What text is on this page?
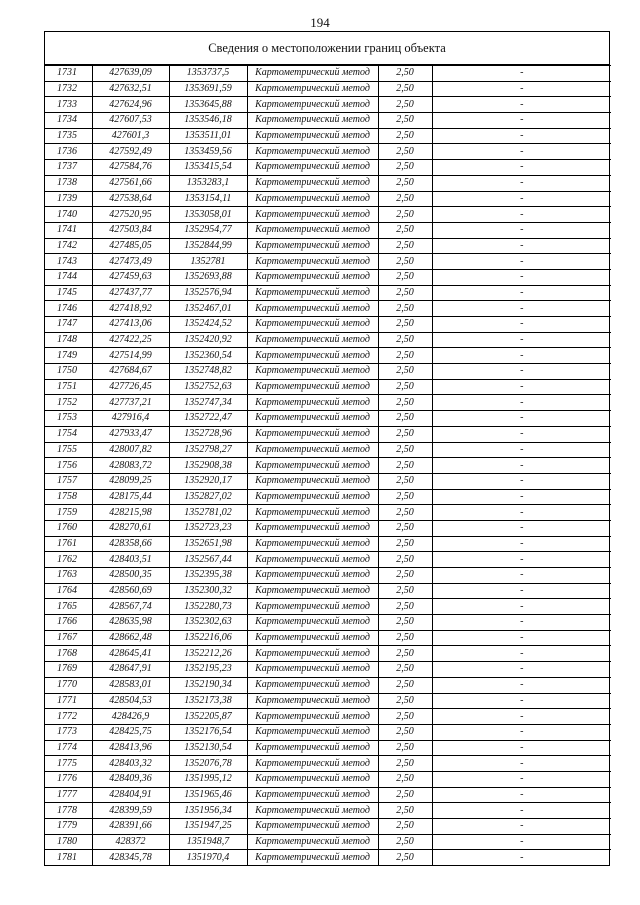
194
Сведения о местоположении границ объекта
1731	427639,09	1353737,5	Картометрический метод	2,50	-
1732	427632,51	1353691,59	Картометрический метод	2,50	-
1733	427624,96	1353645,88	Картометрический метод	2,50	-
1734	427607,53	1353546,18	Картометрический метод	2,50	-
1735	427601,3	1353511,01	Картометрический метод	2,50	-
1736	427592,49	1353459,56	Картометрический метод	2,50	-
1737	427584,76	1353415,54	Картометрический метод	2,50	-
1738	427561,66	1353283,1	Картометрический метод	2,50	-
1739	427538,64	1353154,11	Картометрический метод	2,50	-
1740	427520,95	1353058,01	Картометрический метод	2,50	-
1741	427503,84	1352954,77	Картометрический метод	2,50	-
1742	427485,05	1352844,99	Картометрический метод	2,50	-
1743	427473,49	1352781	Картометрический метод	2,50	-
1744	427459,63	1352693,88	Картометрический метод	2,50	-
1745	427437,77	1352576,94	Картометрический метод	2,50	-
1746	427418,92	1352467,01	Картометрический метод	2,50	-
1747	427413,06	1352424,52	Картометрический метод	2,50	-
1748	427422,25	1352420,92	Картометрический метод	2,50	-
1749	427514,99	1352360,54	Картометрический метод	2,50	-
1750	427684,67	1352748,82	Картометрический метод	2,50	-
1751	427726,45	1352752,63	Картометрический метод	2,50	-
1752	427737,21	1352747,34	Картометрический метод	2,50	-
1753	427916,4	1352722,47	Картометрический метод	2,50	-
1754	427933,47	1352728,96	Картометрический метод	2,50	-
1755	428007,82	1352798,27	Картометрический метод	2,50	-
1756	428083,72	1352908,38	Картометрический метод	2,50	-
1757	428099,25	1352920,17	Картометрический метод	2,50	-
1758	428175,44	1352827,02	Картометрический метод	2,50	-
1759	428215,98	1352781,02	Картометрический метод	2,50	-
1760	428270,61	1352723,23	Картометрический метод	2,50	-
1761	428358,66	1352651,98	Картометрический метод	2,50	-
1762	428403,51	1352567,44	Картометрический метод	2,50	-
1763	428500,35	1352395,38	Картометрический метод	2,50	-
1764	428560,69	1352300,32	Картометрический метод	2,50	-
1765	428567,74	1352280,73	Картометрический метод	2,50	-
1766	428635,98	1352302,63	Картометрический метод	2,50	-
1767	428662,48	1352216,06	Картометрический метод	2,50	-
1768	428645,41	1352212,26	Картометрический метод	2,50	-
1769	428647,91	1352195,23	Картометрический метод	2,50	-
1770	428583,01	1352190,34	Картометрический метод	2,50	-
1771	428504,53	1352173,38	Картометрический метод	2,50	-
1772	428426,9	1352205,87	Картометрический метод	2,50	-
1773	428425,75	1352176,54	Картометрический метод	2,50	-
1774	428413,96	1352130,54	Картометрический метод	2,50	-
1775	428403,32	1352076,78	Картометрический метод	2,50	-
1776	428409,36	1351995,12	Картометрический метод	2,50	-
1777	428404,91	1351965,46	Картометрический метод	2,50	-
1778	428399,59	1351956,34	Картометрический метод	2,50	-
1779	428391,66	1351947,25	Картометрический метод	2,50	-
1780	428372	1351948,7	Картометрический метод	2,50	-
1781	428345,78	1351970,4	Картометрический метод	2,50	-
